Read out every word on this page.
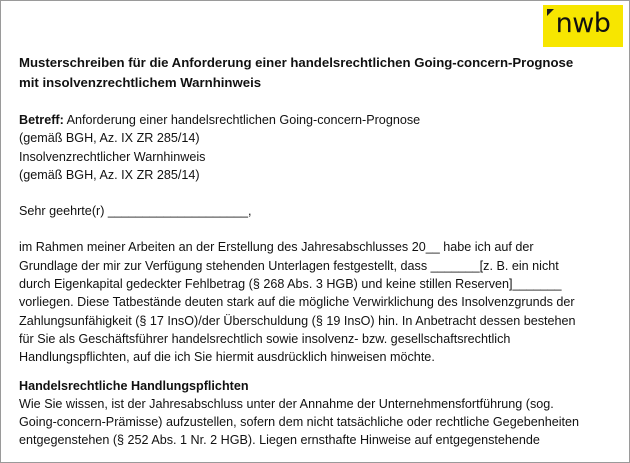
nwb
Musterschreiben für die Anforderung einer handelsrechtlichen Going-concern-Prognose
mit insolvenzrechtlichem Warnhinweis
Betreff: Anforderung einer handelsrechtlichen Going-concern-Prognose
(gemäß BGH, Az. IX ZR 285/14)
Insolvenzrechtlicher Warnhinweis
(gemäß BGH, Az. IX ZR 285/14)
Sehr geehrte(r) ____________________,
im Rahmen meiner Arbeiten an der Erstellung des Jahresabschlusses 20__ habe ich auf der
Grundlage der mir zur Verfügung stehenden Unterlagen festgestellt, dass _______[z. B. ein nicht
durch Eigenkapital gedeckter Fehlbetrag (§ 268 Abs. 3 HGB) und keine stillen Reserven]_______
vorliegen. Diese Tatbestände deuten stark auf die mögliche Verwirklichung des Insolvenzgrunds der
Zahlungsunfähigkeit (§ 17 InsO)/der Überschuldung (§ 19 InsO) hin. In Anbetracht dessen bestehen
für Sie als Geschäftsführer handelsrechtlich sowie insolvenz- bzw. gesellschaftsrechtlich
Handlungspflichten, auf die ich Sie hiermit ausdrücklich hinweisen möchte.
Handelsrechtliche Handlungspflichten
Wie Sie wissen, ist der Jahresabschluss unter der Annahme der Unternehmensfortführung (sog.
Going-concern-Prämisse) aufzustellen, sofern dem nicht tatsächliche oder rechtliche Gegebenheiten
entgegenstehen (§ 252 Abs. 1 Nr. 2 HGB). Liegen ernsthafte Hinweise auf entgegenstehende
